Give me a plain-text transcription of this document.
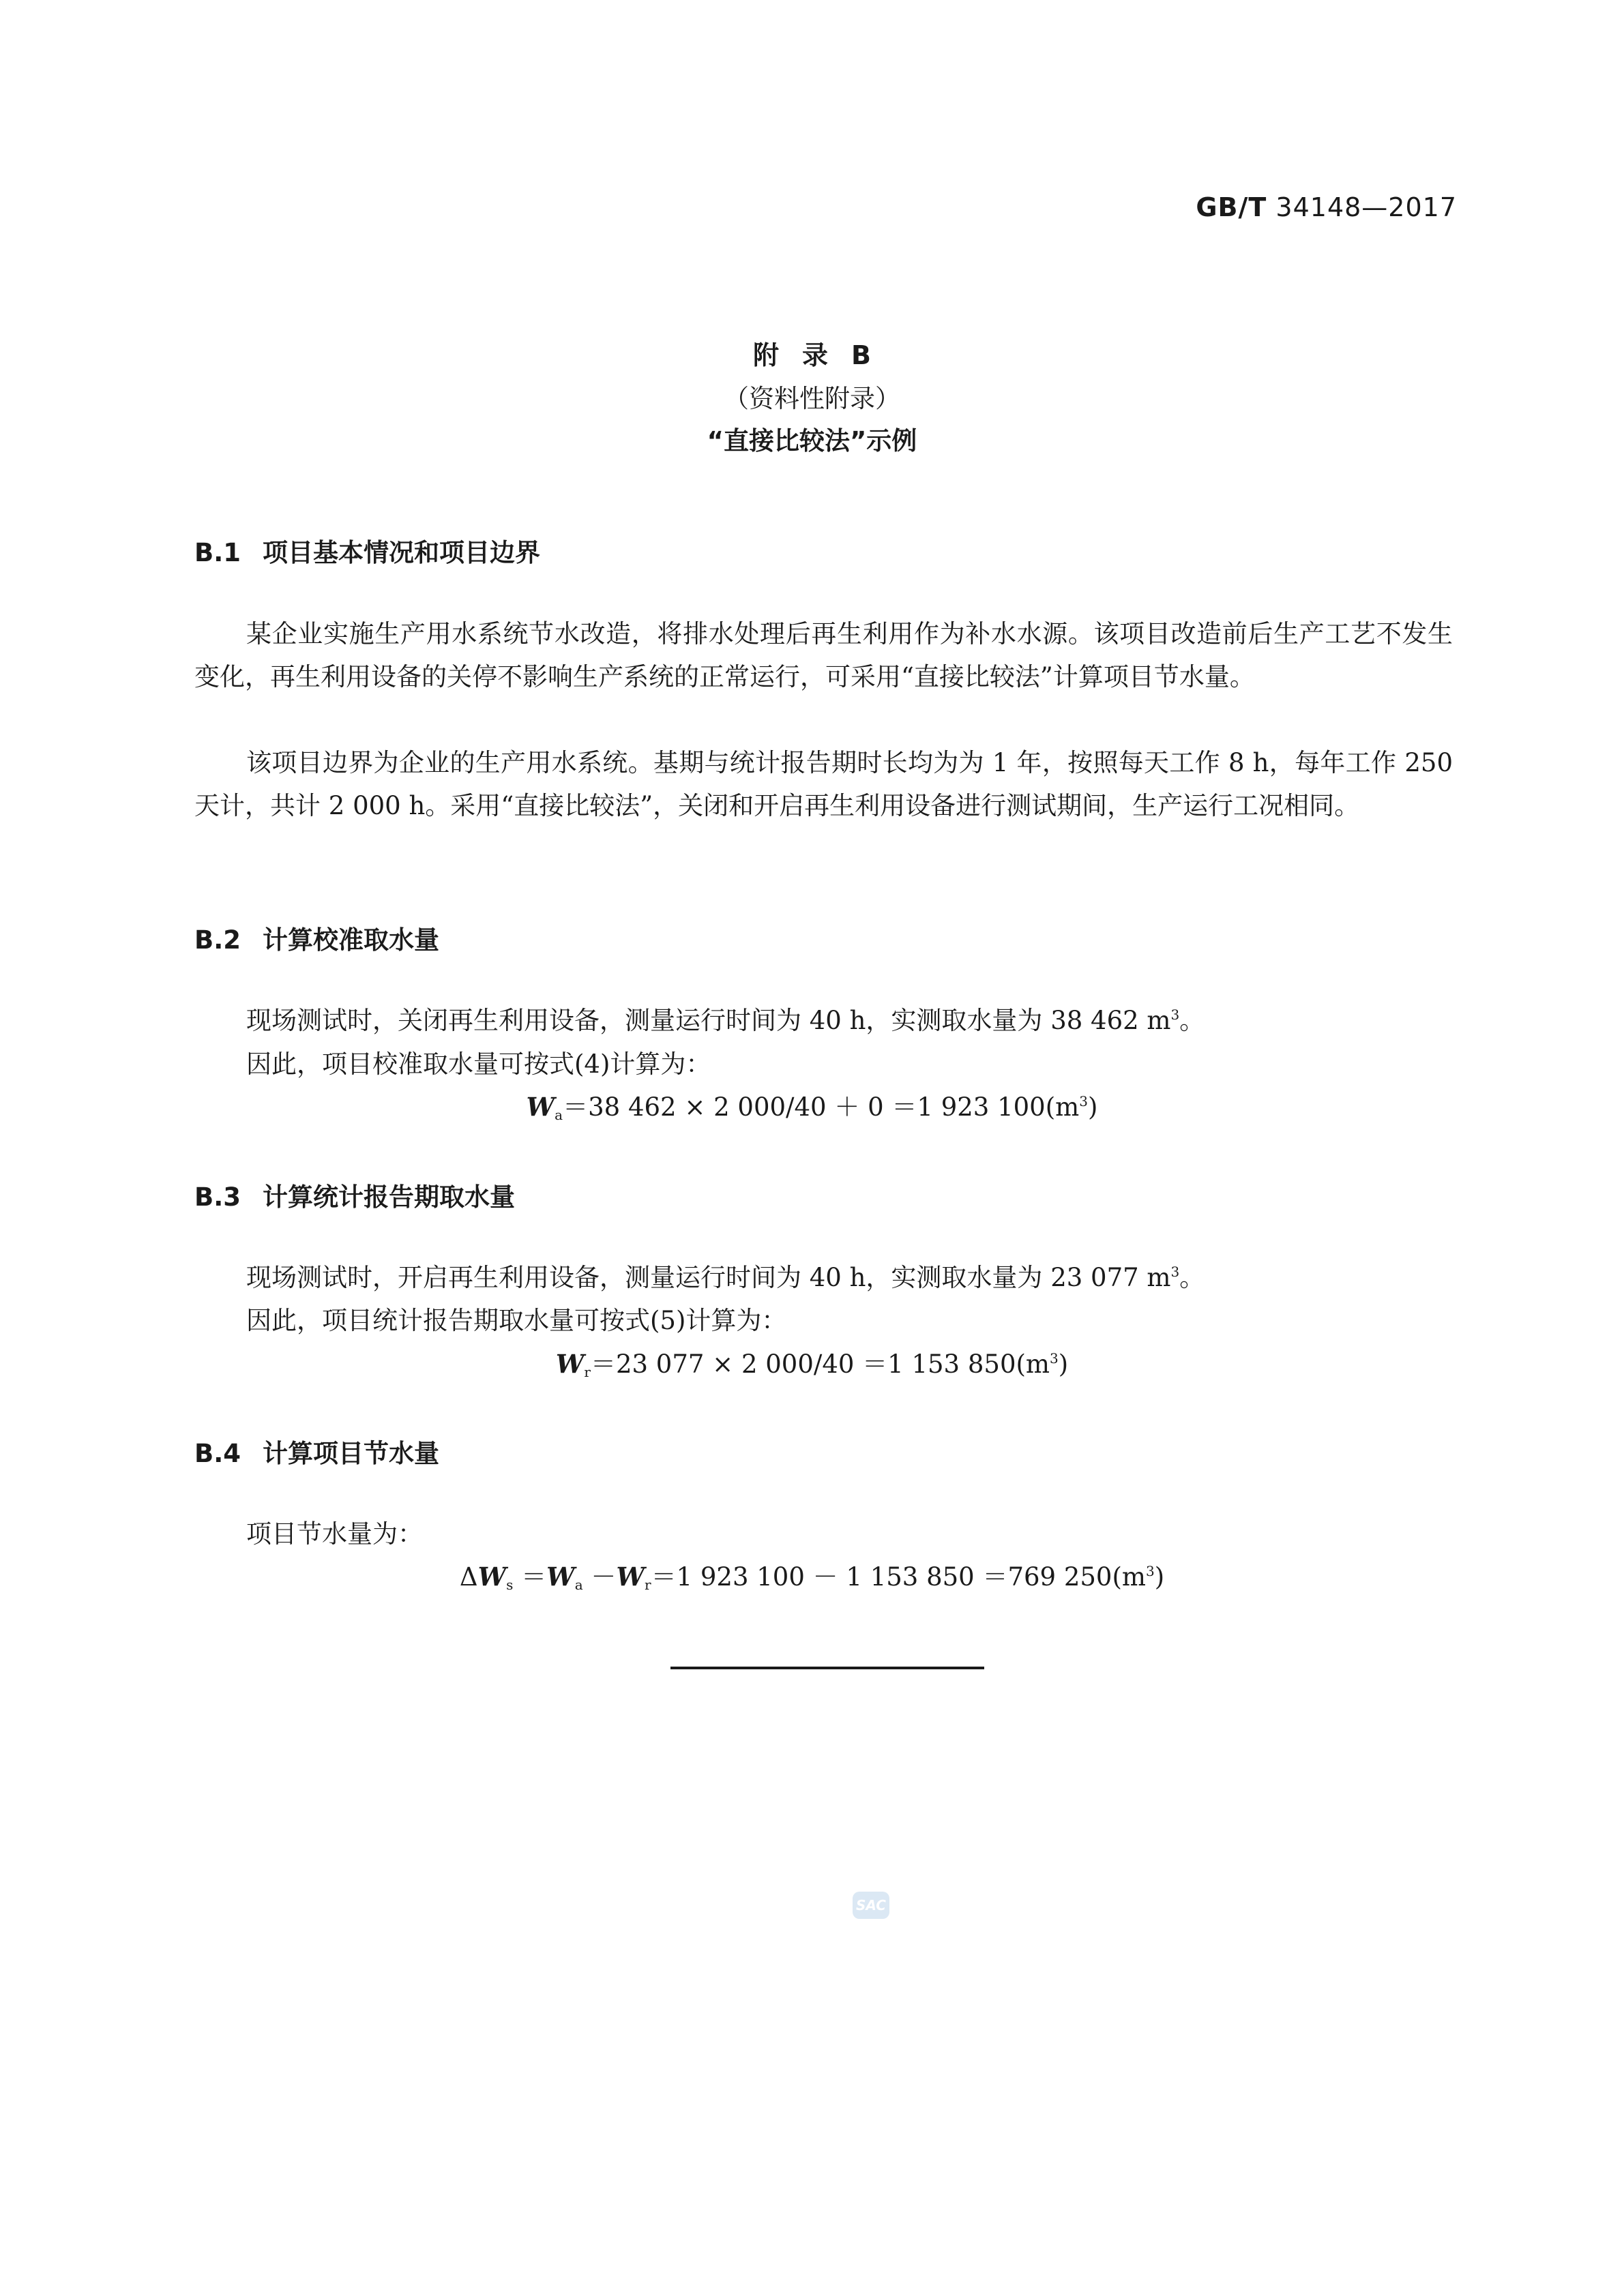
GB/T 34148—2017
附录B
（资料性附录）
“直接比较法”示例
B.1 项目基本情况和项目边界
某企业实施生产用水系统节水改造，将排水处理后再生利用作为补水水源。该项目改造前后生产工艺不发生变化，再生利用设备的关停不影响生产系统的正常运行，可采用“直接比较法”计算项目节水量。
该项目边界为企业的生产用水系统。基期与统计报告期时长均为为 1 年，按照每天工作 8 h，每年工作 250 天计，共计 2 000 h。采用“直接比较法”，关闭和开启再生利用设备进行测试期间，生产运行工况相同。
B.2 计算校准取水量
现场测试时，关闭再生利用设备，测量运行时间为 40 h，实测取水量为 38 462 $m^3$。
因此，项目校准取水量可按式(4)计算为：
$W_a=38$ 462 × 2 000/40 ＋ 0 ＝1 923 $100(m^3)$
B.3 计算统计报告期取水量
现场测试时，开启再生利用设备，测量运行时间为 40 h，实测取水量为 23 077 $m^3$。
因此，项目统计报告期取水量可按式(5)计算为：
$W_r=23$ 077 × 2 000/40 ＝1 153 $850(m^3)$
B.4 计算项目节水量
项目节水量为：
$\Delta W_s =W_a -W_r=1$ 923 100 － 1 153 850 ＝769 $250(m^3)$
SAC
